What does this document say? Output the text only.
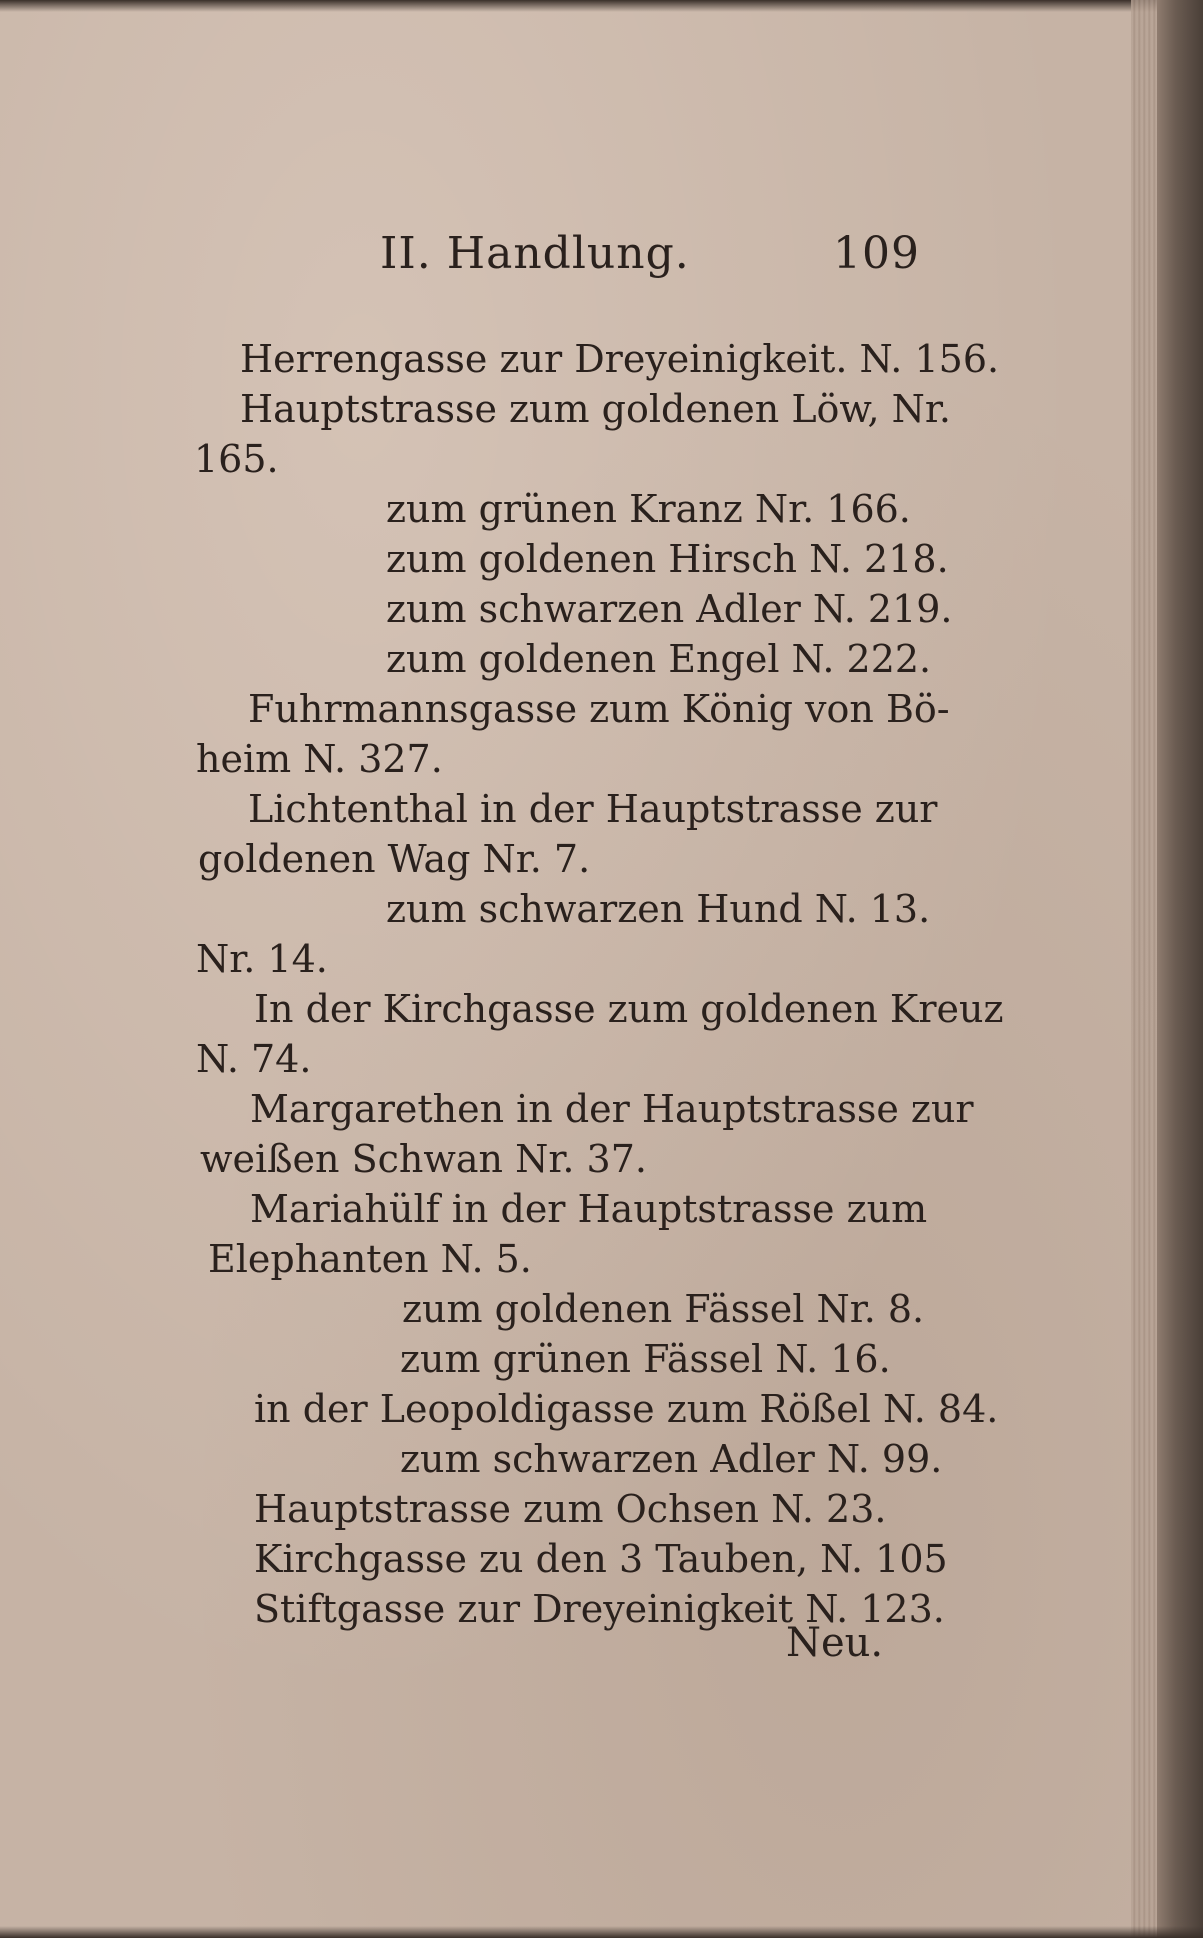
II. Handlung.	109
Herrengasse zur Dreyeinigkeit. N. 156.
Hauptstrasse zum goldenen Löw, Nr.
165.
zum grünen Kranz Nr. 166.
zum goldenen Hirsch N. 218.
zum schwarzen Adler N. 219.
zum goldenen Engel N. 222.
Fuhrmannsgasse zum König von Bö-
heim N. 327.
Lichtenthal in der Hauptstrasse zur
goldenen Wag Nr. 7.
zum schwarzen Hund N. 13.
Nr. 14.
In der Kirchgasse zum goldenen Kreuz
N. 74.
Margarethen in der Hauptstrasse zur
weißen Schwan Nr. 37.
Mariahülf in der Hauptstrasse zum
Elephanten N. 5.
zum goldenen Fässel Nr. 8.
zum grünen Fässel N. 16.
in der Leopoldigasse zum Rößel N. 84.
zum schwarzen Adler N. 99.
Hauptstrasse zum Ochsen N. 23.
Kirchgasse zu den 3 Tauben, N. 105
Stiftgasse zur Dreyeinigkeit N. 123.
Neu.
